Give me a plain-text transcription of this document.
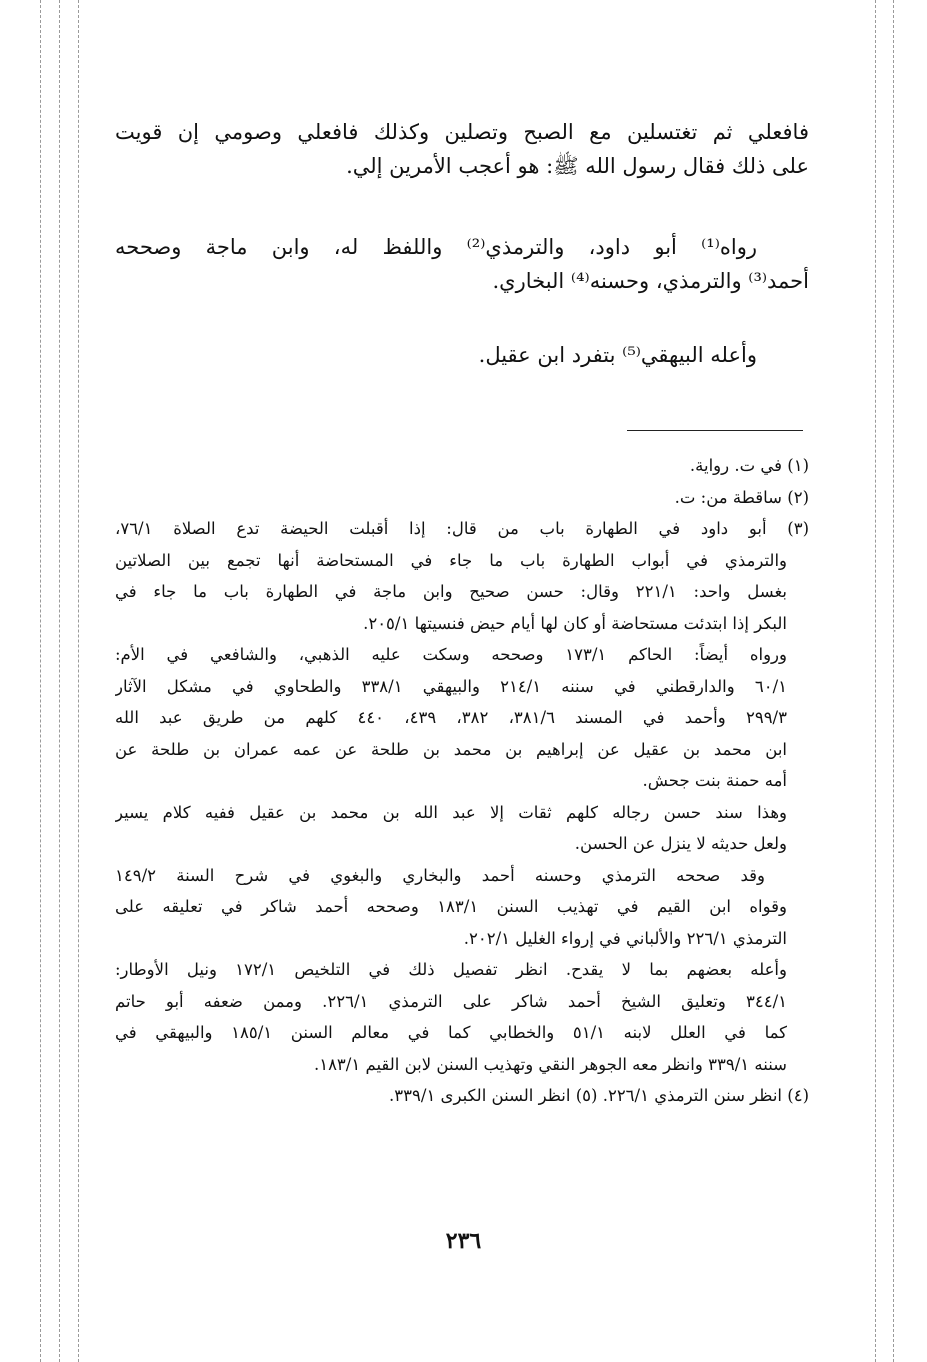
فافعلي ثم تغتسلين مع الصبح وتصلين وكذلك فافعلي وصومي إن قويت
على ذلك فقال رسول الله ﷺ: هو أعجب الأمرين إلي.
رواه⁽¹⁾ أبو داود، والترمذي⁽²⁾ واللفظ له، وابن ماجة وصححه
أحمد⁽³⁾ والترمذي، وحسنه⁽⁴⁾ البخاري.
وأعله البيهقي⁽⁵⁾ بتفرد ابن عقيل.
(١) في ت. رواية.
(٢) ساقطة من: ت.
(٣) أبو داود في الطهارة باب من قال: إذا أقبلت الحيضة تدع الصلاة ٧٦/١،
والترمذي في أبواب الطهارة باب ما جاء في المستحاضة أنها تجمع بين الصلاتين
بغسل واحد: ٢٢١/١ وقال: حسن صحيح وابن ماجة في الطهارة باب ما جاء في
البكر إذا ابتدئت مستحاضة أو كان لها أيام حيض فنسيتها ٢٠٥/١.
ورواه أيضاً: الحاكم ١٧٣/١ وصححه وسكت عليه الذهبي، والشافعي في الأم:
٦٠/١ والدارقطني في سننه ٢١٤/١ والبيهقي ٣٣٨/١ والطحاوي في مشكل الآثار
٢٩٩/٣ وأحمد في المسند ٣٨١/٦، ٣٨٢، ٤٣٩، ٤٤٠ كلهم من طريق عبد الله
ابن محمد بن عقيل عن إبراهيم بن محمد بن طلحة عن عمه عمران بن طلحة عن
أمه حمنة بنت جحش.
وهذا سند حسن رجاله كلهم ثقات إلا عبد الله بن محمد بن عقيل ففيه كلام يسير
ولعل حديثه لا ينزل عن الحسن.
وقد صححه الترمذي وحسنه أحمد والبخاري والبغوي في شرح السنة ١٤٩/٢
وقواه ابن القيم في تهذيب السنن ١٨٣/١ وصححه أحمد شاكر في تعليقه على
الترمذي ٢٢٦/١ والألباني في إرواء الغليل ٢٠٢/١.
وأعله بعضهم بما لا يقدح. انظر تفصيل ذلك في التلخيص ١٧٢/١ ونيل الأوطار:
٣٤٤/١ وتعليق الشيخ أحمد شاكر على الترمذي ٢٢٦/١. وممن ضعفه أبو حاتم
كما في العلل لابنه ٥١/١ والخطابي كما في معالم السنن ١٨٥/١ والبيهقي في
سننه ٣٣٩/١ وانظر معه الجوهر النقي وتهذيب السنن لابن القيم ١٨٣/١.
(٤) انظر سنن الترمذي ٢٢٦/١. (٥) انظر السنن الكبرى ٣٣٩/١.
٢٣٦
